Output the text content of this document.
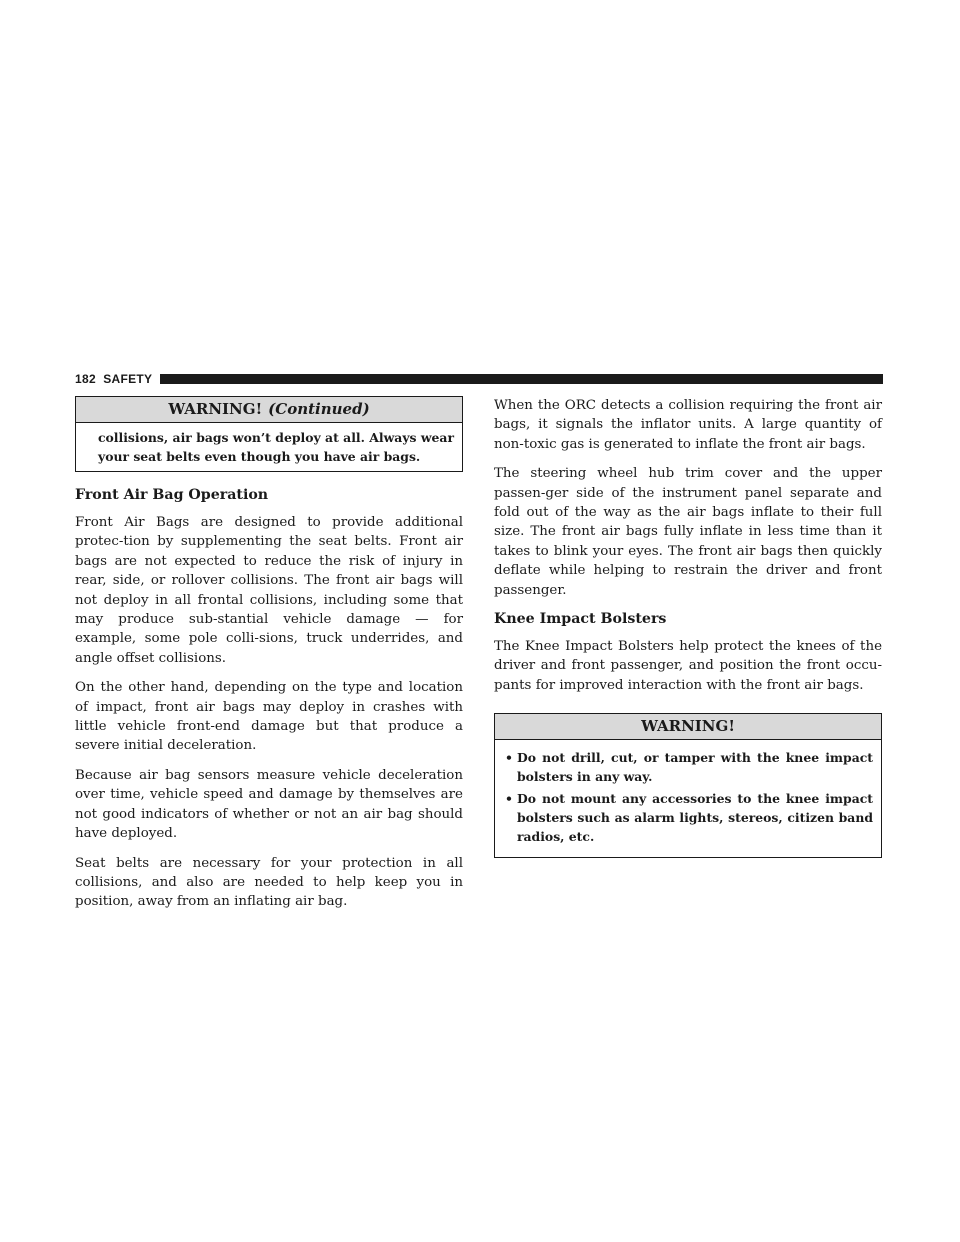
182 SAFETY
WARNING! (Continued)
collisions, air bags won’t deploy at all. Always wear your seat belts even though you have air bags.
Front Air Bag Operation

Front Air Bags are designed to provide additional protec-tion by supplementing the seat belts. Front air bags are not expected to reduce the risk of injury in rear, side, or rollover collisions. The front air bags will not deploy in all frontal collisions, including some that may produce sub-stantial vehicle damage — for example, some pole colli-sions, truck underrides, and angle offset collisions.

On the other hand, depending on the type and location of impact, front air bags may deploy in crashes with little vehicle front-end damage but that produce a severe initial deceleration.

Because air bag sensors measure vehicle deceleration over time, vehicle speed and damage by themselves are not good indicators of whether or not an air bag should have deployed.

Seat belts are necessary for your protection in all collisions, and also are needed to help keep you in position, away from an inflating air bag.

When the ORC detects a collision requiring the front air bags, it signals the inflator units. A large quantity of non-toxic gas is generated to inflate the front air bags.

The steering wheel hub trim cover and the upper passen-ger side of the instrument panel separate and fold out of the way as the air bags inflate to their full size. The front air bags fully inflate in less time than it takes to blink your eyes. The front air bags then quickly deflate while helping to restrain the driver and front passenger.

Knee Impact Bolsters

The Knee Impact Bolsters help protect the knees of the driver and front passenger, and position the front occu-pants for improved interaction with the front air bags.

WARNING!
• Do not drill, cut, or tamper with the knee impact bolsters in any way.
• Do not mount any accessories to the knee impact bolsters such as alarm lights, stereos, citizen band radios, etc.
